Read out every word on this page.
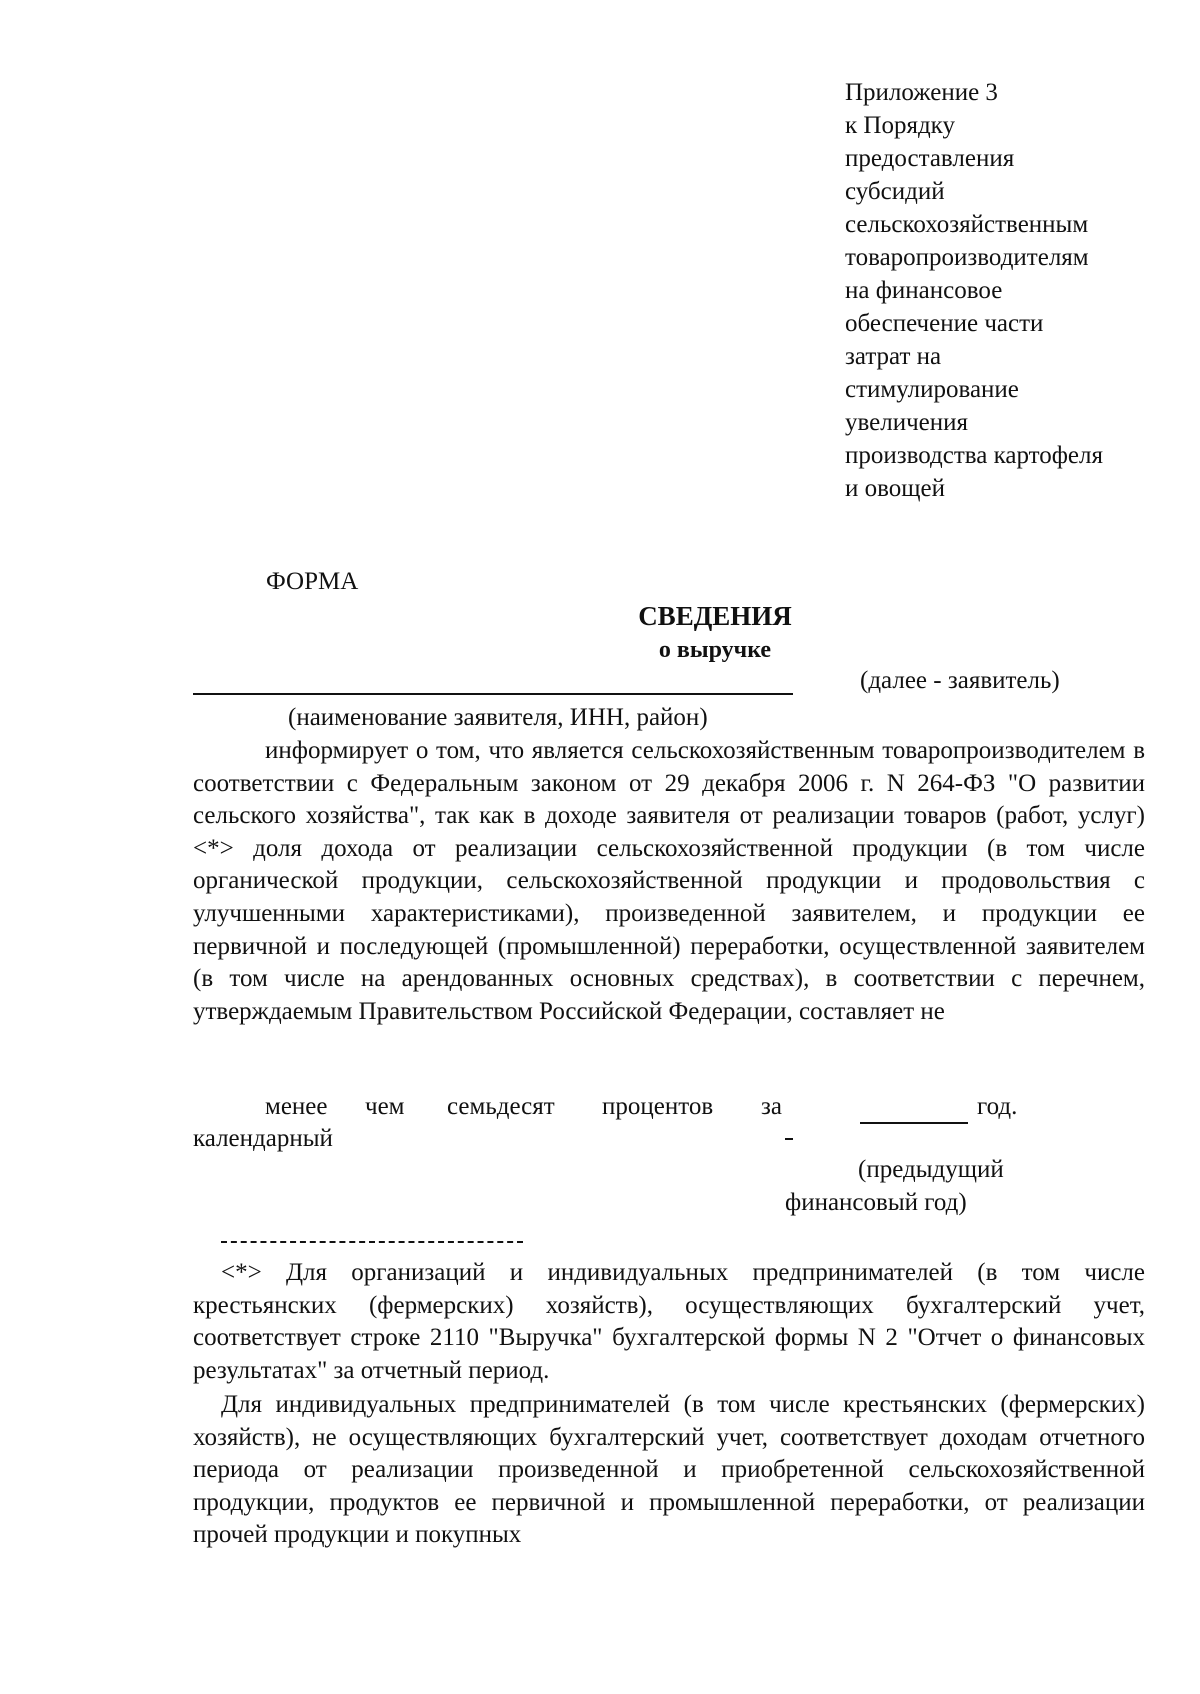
Приложение 3
к Порядку
предоставления
субсидий
сельскохозяйственным
товаропроизводителям
на финансовое
обеспечение части
затрат на
стимулирование
увеличения
производства картофеля
и овощей
ФОРМА
СВЕДЕНИЯ
о выручке
(далее - заявитель)
(наименование заявителя, ИНН, район)
информирует о том, что является сельскохозяйственным товаропроизводителем в соответствии с Федеральным законом от 29 декабря 2006 г. N 264-ФЗ "О развитии сельского хозяйства", так как в доходе заявителя от реализации товаров (работ, услуг) <*> доля дохода от реализации сельскохозяйственной продукции (в том числе органической продукции, сельскохозяйственной продукции и продовольствия с улучшенными характеристиками), произведенной заявителем, и продукции ее первичной и последующей (промышленной) переработки, осуществленной заявителем (в том числе на арендованных основных средствах), в соответствии с перечнем, утверждаемым Правительством Российской Федерации, составляет не
менее чем семьдесят процентов за	год.
календарный
(предыдущий
финансовый год)
<*> Для организаций и индивидуальных предпринимателей (в том числе крестьянских (фермерских) хозяйств), осуществляющих бухгалтерский учет, соответствует строке 2110 "Выручка" бухгалтерской формы N 2 "Отчет о финансовых результатах" за отчетный период.
Для индивидуальных предпринимателей (в том числе крестьянских (фермерских) хозяйств), не осуществляющих бухгалтерский учет, соответствует доходам отчетного периода от реализации произведенной и приобретенной сельскохозяйственной продукции, продуктов ее первичной и промышленной переработки, от реализации прочей продукции и покупных
